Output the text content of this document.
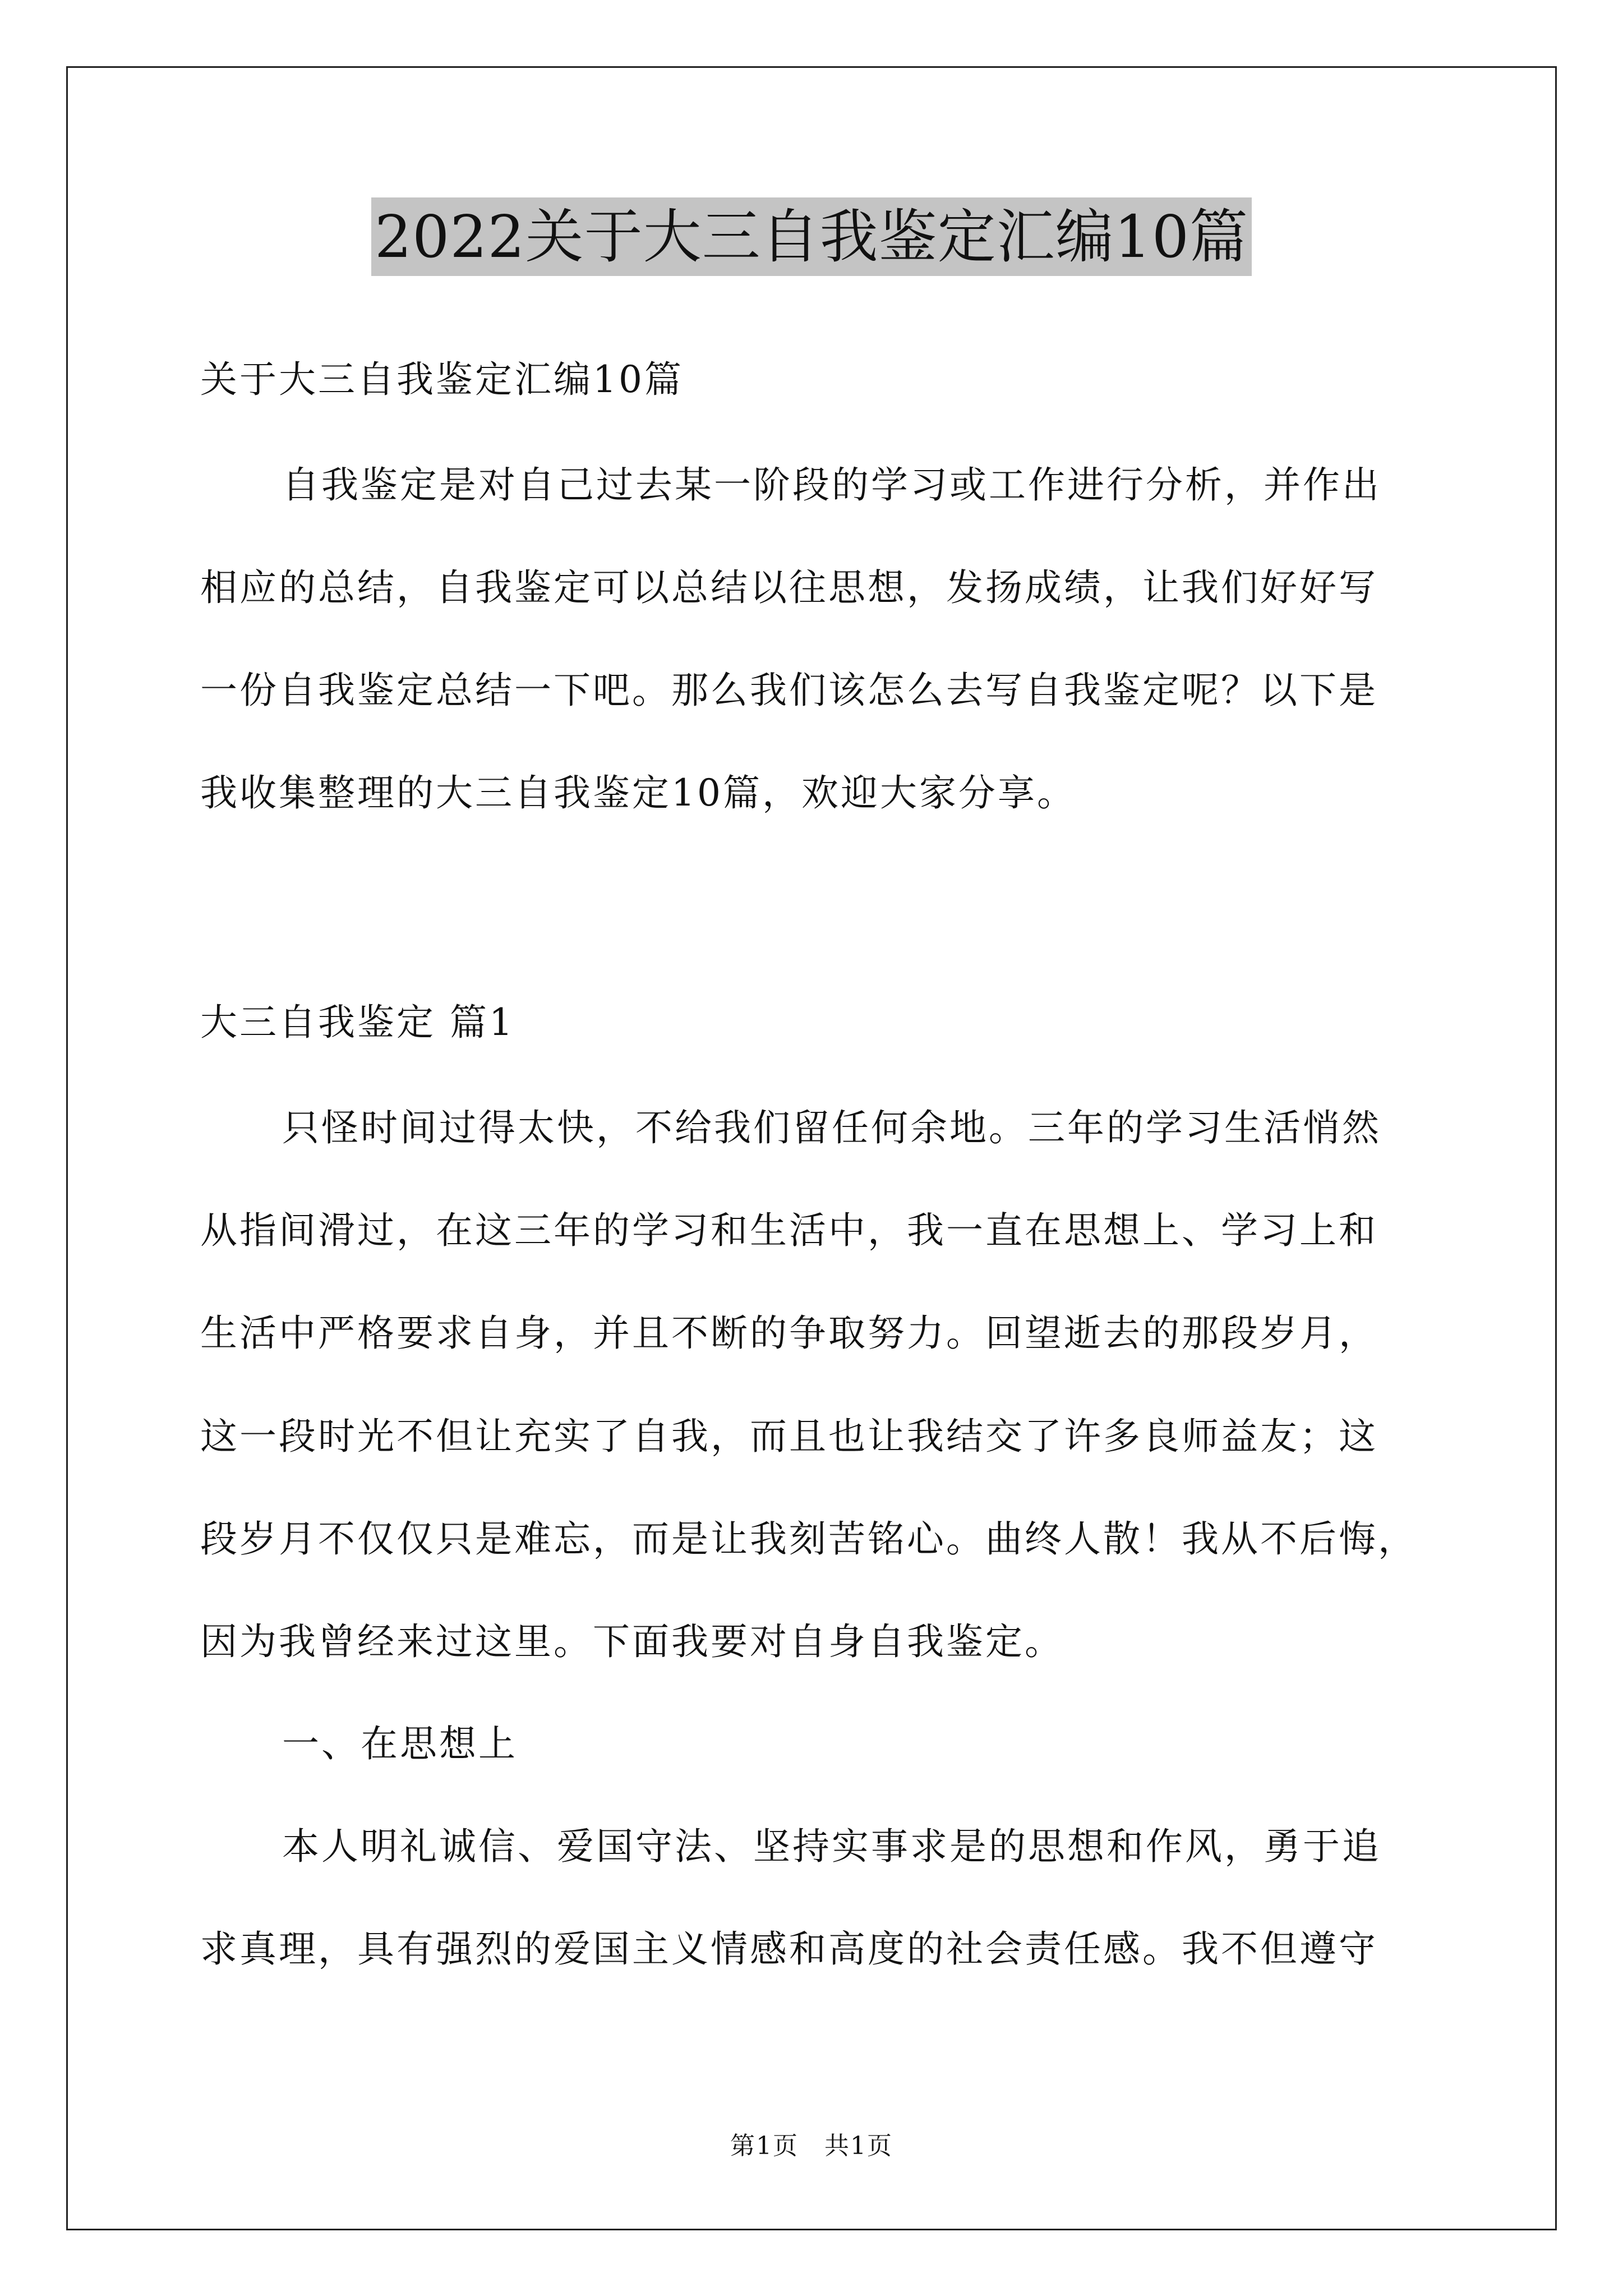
2022关于大三自我鉴定汇编10篇
关于大三自我鉴定汇编10篇
自我鉴定是对自己过去某一阶段的学习或工作进行分析，并作出
相应的总结，自我鉴定可以总结以往思想，发扬成绩，让我们好好写
一份自我鉴定总结一下吧。那么我们该怎么去写自我鉴定呢？以下是
我收集整理的大三自我鉴定10篇，欢迎大家分享。
大三自我鉴定 篇1
只怪时间过得太快，不给我们留任何余地。三年的学习生活悄然
从指间滑过，在这三年的学习和生活中，我一直在思想上、学习上和
生活中严格要求自身，并且不断的争取努力。回望逝去的那段岁月，
这一段时光不但让充实了自我，而且也让我结交了许多良师益友；这
段岁月不仅仅只是难忘，而是让我刻苦铭心。曲终人散！我从不后悔，
因为我曾经来过这里。下面我要对自身自我鉴定。
一、在思想上
本人明礼诚信、爱国守法、坚持实事求是的思想和作风，勇于追
求真理，具有强烈的爱国主义情感和高度的社会责任感。我不但遵守
第1页　共1页
